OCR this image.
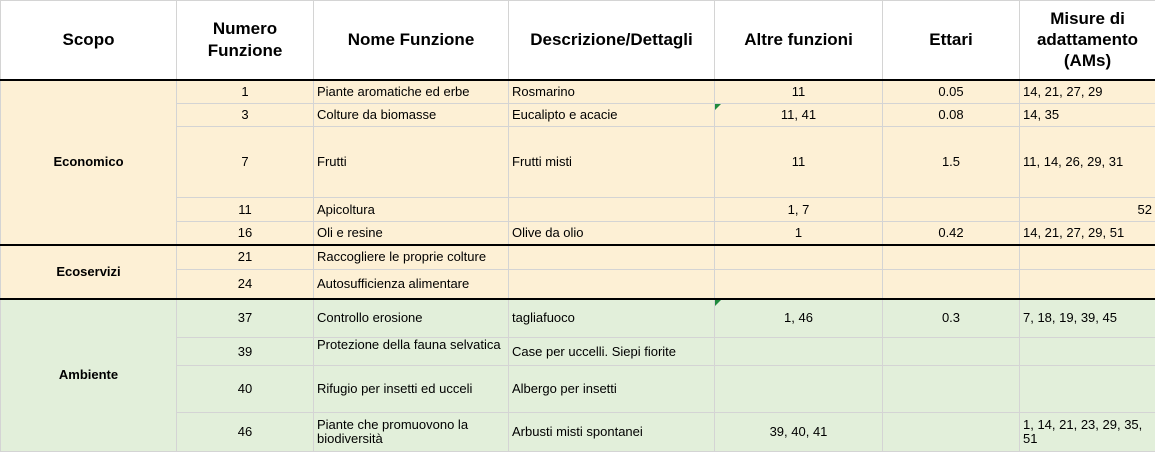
Scopo	Numero Funzione	Nome Funzione	Descrizione/Dettagli	Altre funzioni	Ettari	Misure di adattamento (AMs)
Economico	1	Piante aromatiche ed erbe	Rosmarino	11	0.05	14, 21, 27, 29
	3	Colture da biomasse	Eucalipto e acacie	11, 41	0.08	14, 35
	7	Frutti	Frutti misti	11	1.5	11, 14, 26, 29, 31
	11	Apicoltura		1, 7		52
	16	Oli e resine	Olive da olio	1	0.42	14, 21, 27, 29, 51
Ecoservizi	21	Raccogliere le proprie colture				
	24	Autosufficienza alimentare				
Ambiente	37	Controllo erosione	tagliafuoco	1, 46	0.3	7, 18, 19, 39, 45
	39	Protezione della fauna selvatica	Case per uccelli. Siepi fiorite			
	40	Rifugio per insetti ed ucceli	Albergo per insetti			
	46	Piante che promuovono la biodiversità	Arbusti misti spontanei	39, 40, 41		1, 14, 21, 23, 29, 35, 51
